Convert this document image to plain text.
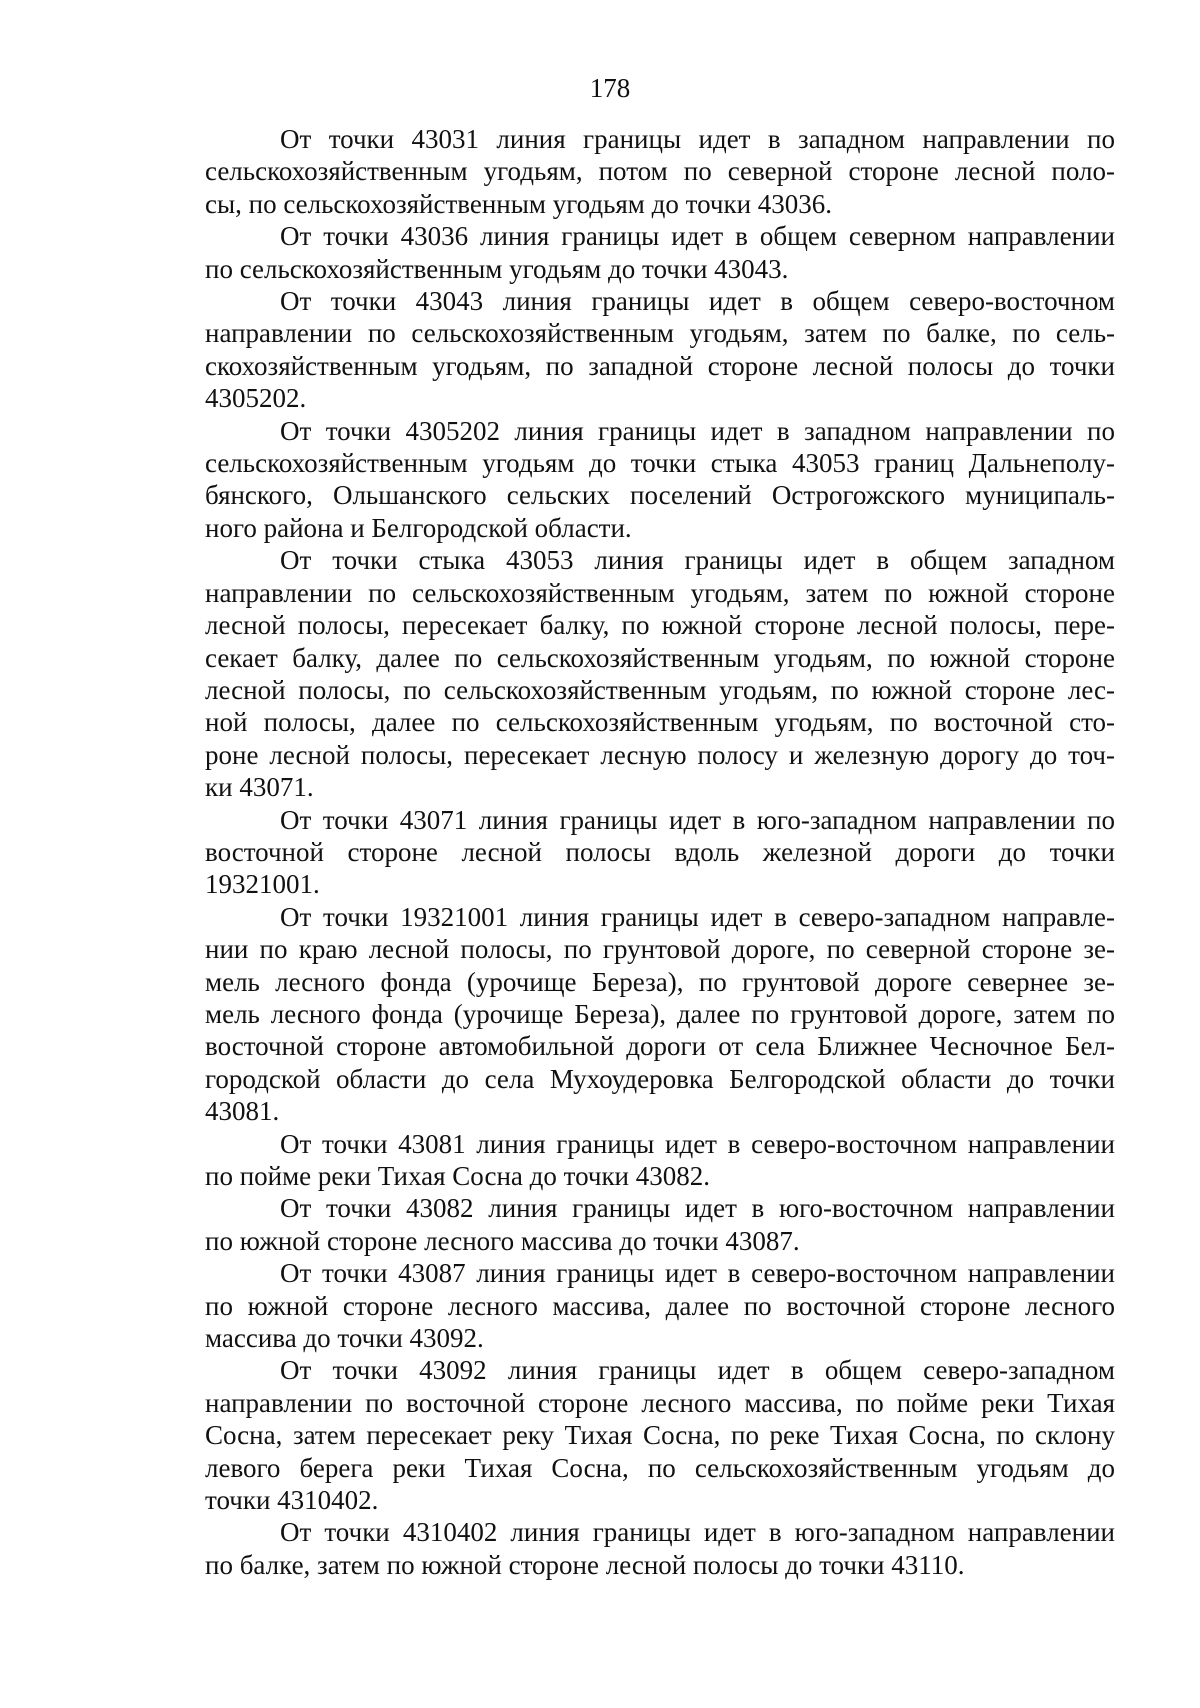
178
От точки 43031 линия границы идет в западном направлении по
сельскохозяйственным угодьям, потом по северной стороне лесной поло-
сы, по сельскохозяйственным угодьям до точки 43036.
От точки 43036 линия границы идет в общем северном направлении
по сельскохозяйственным угодьям до точки 43043.
От точки 43043 линия границы идет в общем северо-восточном
направлении по сельскохозяйственным угодьям, затем по балке, по сель-
скохозяйственным угодьям, по западной стороне лесной полосы до точки
4305202.
От точки 4305202 линия границы идет в западном направлении по
сельскохозяйственным угодьям до точки стыка 43053 границ Дальнеполу-
бянского, Ольшанского сельских поселений Острогожского муниципаль-
ного района и Белгородской области.
От точки стыка 43053 линия границы идет в общем западном
направлении по сельскохозяйственным угодьям, затем по южной стороне
лесной полосы, пересекает балку, по южной стороне лесной полосы, пере-
секает балку, далее по сельскохозяйственным угодьям, по южной стороне
лесной полосы, по сельскохозяйственным угодьям, по южной стороне лес-
ной полосы, далее по сельскохозяйственным угодьям, по восточной сто-
роне лесной полосы, пересекает лесную полосу и железную дорогу до точ-
ки 43071.
От точки 43071 линия границы идет в юго-западном направлении по
восточной стороне лесной полосы вдоль железной дороги до точки
19321001.
От точки 19321001 линия границы идет в северо-западном направле-
нии по краю лесной полосы, по грунтовой дороге, по северной стороне зе-
мель лесного фонда (урочище Береза), по грунтовой дороге севернее зе-
мель лесного фонда (урочище Береза), далее по грунтовой дороге, затем по
восточной стороне автомобильной дороги от села Ближнее Чесночное Бел-
городской области до села Мухоудеровка Белгородской области до точки
43081.
От точки 43081 линия границы идет в северо-восточном направлении
по пойме реки Тихая Сосна до точки 43082.
От точки 43082 линия границы идет в юго-восточном направлении
по южной стороне лесного массива до точки 43087.
От точки 43087 линия границы идет в северо-восточном направлении
по южной стороне лесного массива, далее по восточной стороне лесного
массива до точки 43092.
От точки 43092 линия границы идет в общем северо-западном
направлении по восточной стороне лесного массива, по пойме реки Тихая
Сосна, затем пересекает реку Тихая Сосна, по реке Тихая Сосна, по склону
левого берега реки Тихая Сосна, по сельскохозяйственным угодьям до
точки 4310402.
От точки 4310402 линия границы идет в юго-западном направлении
по балке, затем по южной стороне лесной полосы до точки 43110.
